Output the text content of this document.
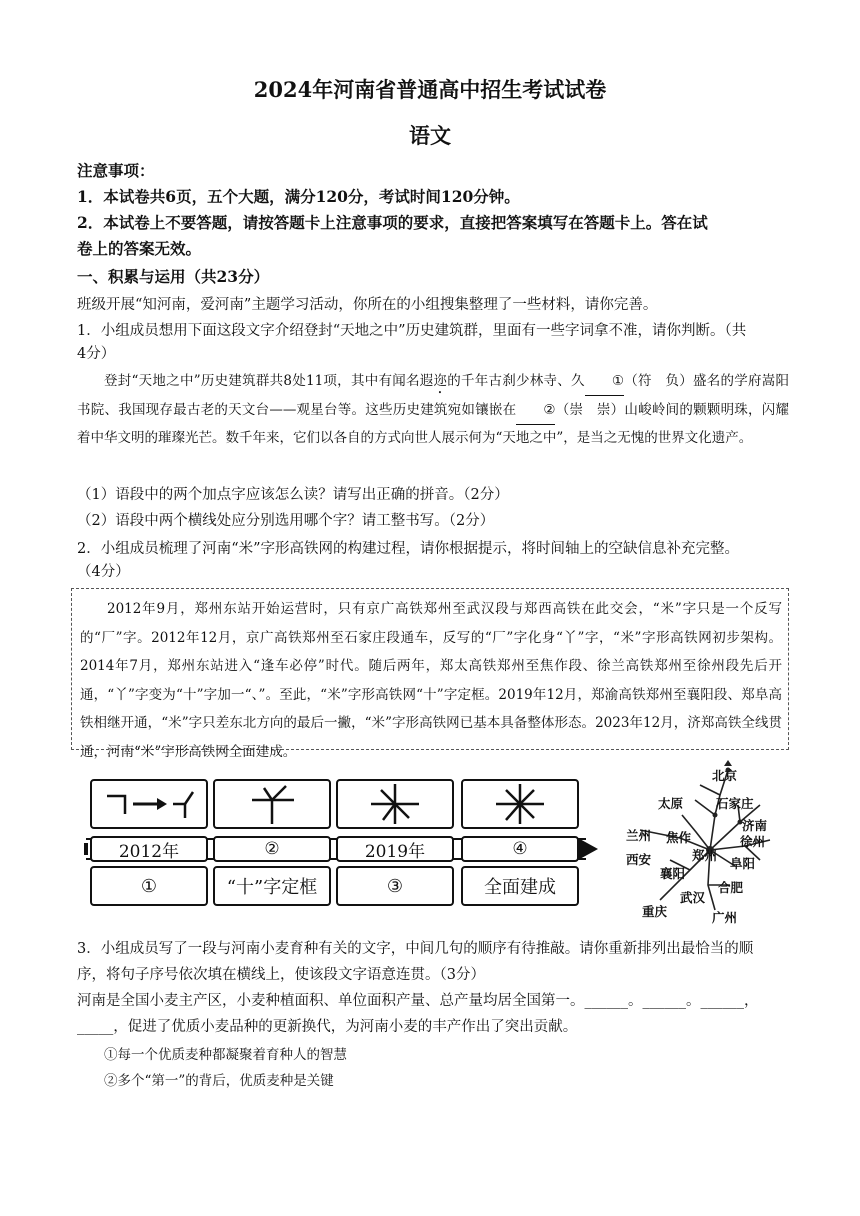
2024年河南省普通高中招生考试试卷
语文
注意事项：
1．本试卷共6页，五个大题，满分120分，考试时间120分钟。
2．本试卷上不要答题，请按答题卡上注意事项的要求，直接把答案填写在答题卡上。答在试
卷上的答案无效。
一、积累与运用（共23分）
班级开展“知河南，爱河南”主题学习活动，你所在的小组搜集整理了一些材料，请你完善。
1．小组成员想用下面这段文字介绍登封“天地之中”历史建筑群，里面有一些字词拿不准，请你判断。（共
4分）

登封“天地之中”历史建筑群共8处11项，其中有闻名遐迩的千年古刹少林寺、久 ①（符　负）盛名的学府嵩阳书院、我国现存最古老的天文台——观星台等。这些历史建筑宛如镶嵌在 ②（崇　崇）山峻岭间的颗颗明珠，闪耀着中华文明的璀璨光芒。数千年来，它们以各自的方式向世人展示何为“天地之中”，是当之无愧的世界文化遗产。

（1）语段中的两个加点字应该怎么读？请写出正确的拼音。（2分）
（2）语段中两个横线处应分别选用哪个字？请工整书写。（2分）
2．小组成员梳理了河南“米”字形高铁网的构建过程，请你根据提示，将时间轴上的空缺信息补充完整。
（4分）

2012年9月，郑州东站开始运营时，只有京广高铁郑州至武汉段与郑西高铁在此交会，“米”字只是一个反写的“厂”字。2012年12月，京广高铁郑州至石家庄段通车，反写的“厂”字化身“丫”字，“米”字形高铁网初步架构。2014年7月，郑州东站进入“逢车必停”时代。随后两年，郑太高铁郑州至焦作段、徐兰高铁郑州至徐州段先后开通，“丫”字变为“十”字加一“、”。至此，“米”字形高铁网“十”字定框。2019年12月，郑渝高铁郑州至襄阳段、郑阜高铁相继开通，“米”字只差东北方向的最后一撇，“米”字形高铁网已基本具备整体形态。2023年12月，济郑高铁全线贯通，河南“米”字形高铁网全面建成。

2012年	②	2019年	④
①	“十”字定框	③	全面建成
北京
太原	石家庄
济南
兰州 焦作	徐州
郑州
西安	阜阳
襄阳
合肥
武汉
重庆	广州
3．小组成员写了一段与河南小麦育种有关的文字，中间几句的顺序有待推敲。请你重新排列出最恰当的顺
序，将句子序号依次填在横线上，使该段文字语意连贯。（3分）
河南是全国小麦主产区，小麦种植面积、单位面积产量、总产量均居全国第一。______。______。______，
_____，促进了优质小麦品种的更新换代，为河南小麦的丰产作出了突出贡献。
①每一个优质麦种都凝聚着育种人的智慧
②多个“第一”的背后，优质麦种是关键
